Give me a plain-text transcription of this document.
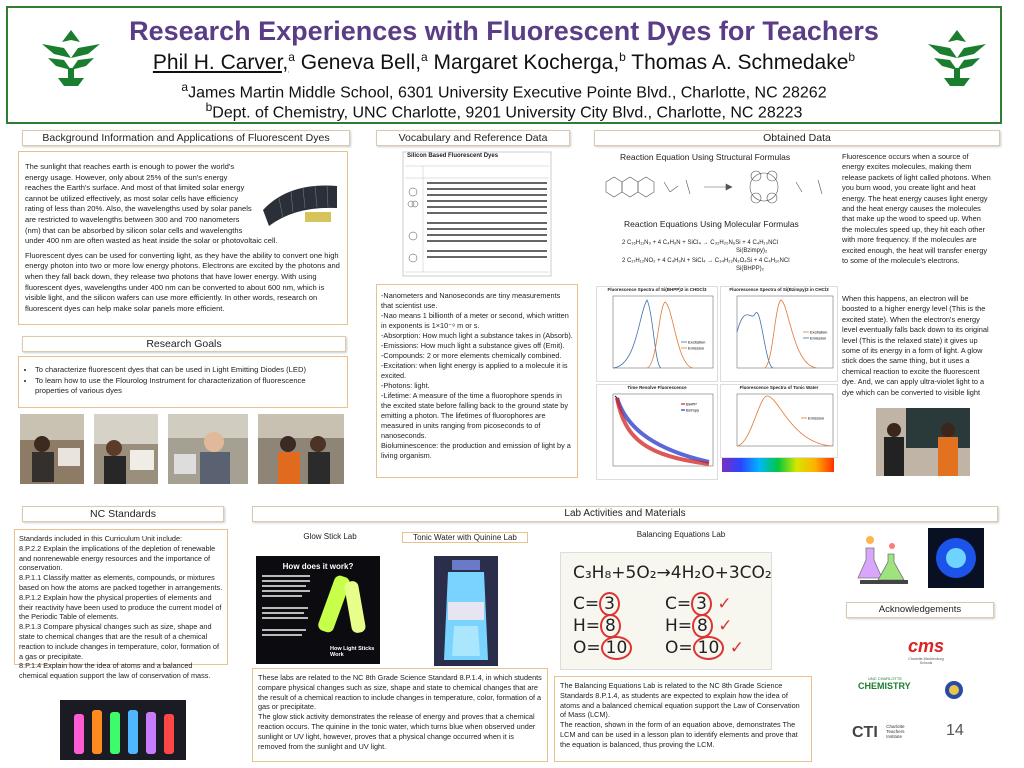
Research Experiences with Fluorescent Dyes for Teachers
Phil H. Carver,$^a$ Geneva Bell,$^a$ Margaret Kocherga,$^b$ Thomas A. Schmedake$^b$
$^a$James Martin Middle School, 6301 University Executive Pointe Blvd., Charlotte, NC 28262
$^b$Dept. of Chemistry, UNC Charlotte, 9201 University City Blvd., Charlotte, NC 28223
Background Information and Applications of Fluorescent Dyes

The sunlight that reaches earth is enough to power the world's energy usage. However, only about 25% of the sun's energy reaches the Earth's surface. And most of that limited solar energy cannot be utilized effectively, as most solar cells have efficiency rating of less than 20%. Also, the wavelengths used by solar panels are restricted to wavelengths between 300 and 700 nanometers (nm) that can be absorbed by silicon solar cells and wavelengths under 400 nm are often wasted as heat inside the solar or photovoltaic cell.

Fluorescent dyes can be used for converting light, as they have the ability to convert one high energy photon into two or more low energy photons. Electrons are excited by the photons and when they fall back down, they release two photons that have lower energy. With using fluorescent dyes, wavelengths under 400 nm can be converted to about 600 nm, which is visible light, and the silicon wafers can use more efficiently. In other words, research on fluorescent dyes can help make solar panels more efficient.

Research Goals
• To characterize fluorescent dyes that can be used in Light Emitting Diodes (LED)
• To learn how to use the Flourolog Instrument for characterization of fluorescence properties of various dyes
Vocabulary and Reference Data
Silicon Based Fluorescent Dyes
-Nanometers and Nanoseconds are tiny measurements that scientist use.
-Nao means 1 billionth of a meter or second, which written in exponents is 1×10⁻⁹ m or s.
-Absorption: How much light a substance takes in (Absorb).
-Emissions: How much light a substance gives off (Emit).
-Compounds: 2 or more elements chemically combined.
-Excitation: when light energy is applied to a molecule it is excited.
-Photons: light.
-Lifetime: A measure of the time a fluorophore spends in the excited state before falling back to the ground state by emitting a photon. The lifetimes of fluorophores are measured in units ranging from picoseconds to of nanoseconds.
Bioluminescence: the production and emission of light by a living organism.
Obtained Data
Reaction Equation Using Structural Formulas
Reaction Equations Using Molecular Formulas
2 C₁₆H₁₁N₃ + 4 C₄H₉N + SiCl₄ → C₃₂H₂₀N₆Si + 4 C₄H₁₀NCl
Si(Bzimpy)₂
2 C₁₇H₁₂NO₂ + 4 C₄H₉N + SiCl₄ → C₃₄H₂₂N₂O₄Si + 4 C₄H₁₀NCl
Si(BHPP)₂
Fluorescence occurs when a source of energy excites molecules, making them release packets of light called photons. When you burn wood, you create light and heat energy. The heat energy causes light energy and the heat energy causes the molecules that make up the wood to speed up. When the molecules speed up, they hit each other with more frequency. If the molecules are excited enough, the heat will transfer energy to some of the molecule's electrons.
When this happens, an electron will be boosted to a higher energy level (This is the excited state). When the electron's energy level eventually falls back down to its original level (This is the relaxed state) it gives up some of its energy in a form of light. A glow stick does the same thing, but it uses a chemical reaction to excite the fluorescent dye. And, we can apply ultra-violet light to a dye which can be converted to visible light
Fluorescence Spectra of Si(BHPP)2 in CHDCl3
Excitation
Emission
Fluorescence Spectra of Si(Bzimpy)2 in CHCl3
Excitation
Emission
Time Resolve Fluorescence
BHPP
Bzimpy
Fluorescence Spectra of Tonic Water
Emission
NC Standards
Standards included in this Curriculum Unit include:
8.P.2.2 Explain the implications of the depletion of renewable and nonrenewable energy resources and the importance of conservation.
8.P.1.1 Classify matter as elements, compounds, or mixtures based on how the atoms are packed together in arrangements.
8.P.1.2 Explain how the physical properties of elements and their reactivity have been used to produce the current model of the Periodic Table of elements.
8.P.1.3 Compare physical changes such as size, shape and state to chemical changes that are the result of a chemical reaction to include changes in temperature, color, formation of a gas or precipitate.
8.P.1.4 Explain how the idea of atoms and a balanced chemical equation support the law of conservation of mass.
Lab Activities and Materials
Glow Stick Lab	Tonic Water with Quinine Lab	Balancing Equations Lab
How does it work?
How Light Sticks Work
C₃H₈+5O₂→4H₂O+3CO₂
C= 3
H= 8
O= 10
C= 3 ✓
H= 8 ✓
O= 10 ✓
These labs are related to the NC 8th Grade Science Standard 8.P.1.4, in which students compare physical changes such as size, shape and state to chemical changes that are the result of a chemical reaction to include changes in temperature, color, formation of a gas or precipitate.
The glow stick activity demonstrates the release of energy and proves that a chemical reaction occurs. The quinine in the tonic water, which turns blue when observed under sunlight or UV light, however, proves that a physical change occurred when it is removed from the sunlight and UV light.
The Balancing Equations Lab is related to the NC 8th Grade Science Standards 8.P.1.4, as students are expected to explain how the idea of atoms and a balanced chemical equation support the Law of Conservation of Mass (LCM).
The reaction, shown in the form of an equation above, demonstrates The LCM and can be used in a lesson plan to identify elements and prove that the equation is balanced, thus proving the LCM.
Acknowledgements
cms
Charlotte-Mecklenburg Schools
UNC CHARLOTTE
CHEMISTRY
CTI Charlotte
Teachers
Institute	14
